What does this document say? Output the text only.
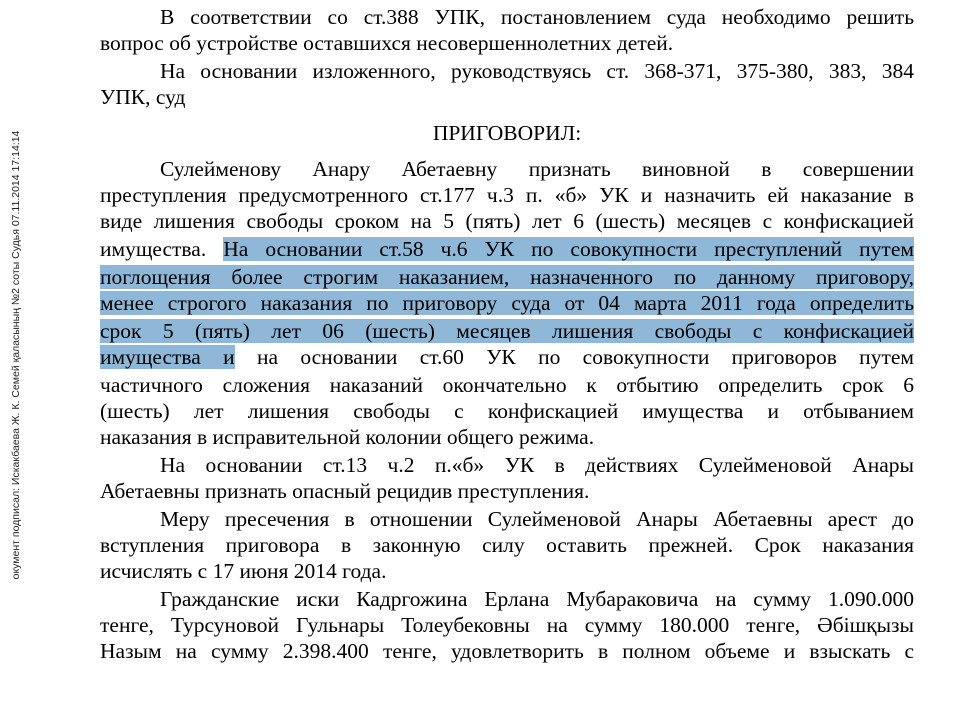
окумент подписал: Искакбаева Ж. К. Семей қаласының №2 соты Судья 07.11.2014 17:14:14
В соответствии со ст.388 УПК, постановлением суда необходимо решить
вопрос об устройстве оставшихся несовершеннолетних детей.
На основании изложенного, руководствуясь ст. 368-371, 375-380, 383, 384
УПК, суд
ПРИГОВОРИЛ:
Сулейменову Анару Абетаевну признать виновной в совершении
преступления предусмотренного ст.177 ч.3 п. «б» УК и назначить ей наказание в
виде лишения свободы сроком на 5 (пять) лет 6 (шесть) месяцев с конфискацией
имущества. На основании ст.58 ч.6 УК по совокупности преступлений путем
поглощения более строгим наказанием, назначенного по данному приговору,
менее строгого наказания по приговору суда от 04 марта 2011 года определить
срок 5 (пять) лет 06 (шесть) месяцев лишения свободы с конфискацией
имущества и на основании ст.60 УК по совокупности приговоров путем
частичного сложения наказаний окончательно к отбытию определить срок 6
(шесть) лет лишения свободы с конфискацией имущества и отбыванием
наказания в исправительной колонии общего режима.
На основании ст.13 ч.2 п.«б» УК в действиях Сулейменовой Анары
Абетаевны признать опасный рецидив преступления.
Меру пресечения в отношении Сулейменовой Анары Абетаевны арест до
вступления приговора в законную силу оставить прежней. Срок наказания
исчислять с 17 июня 2014 года.
Гражданские иски Кадргожина Ерлана Мубараковича на сумму 1.090.000
тенге, Турсуновой Гульнары Толеубековны на сумму 180.000 тенге, Әбішқызы
Назым на сумму 2.398.400 тенге, удовлетворить в полном объеме и взыскать с
